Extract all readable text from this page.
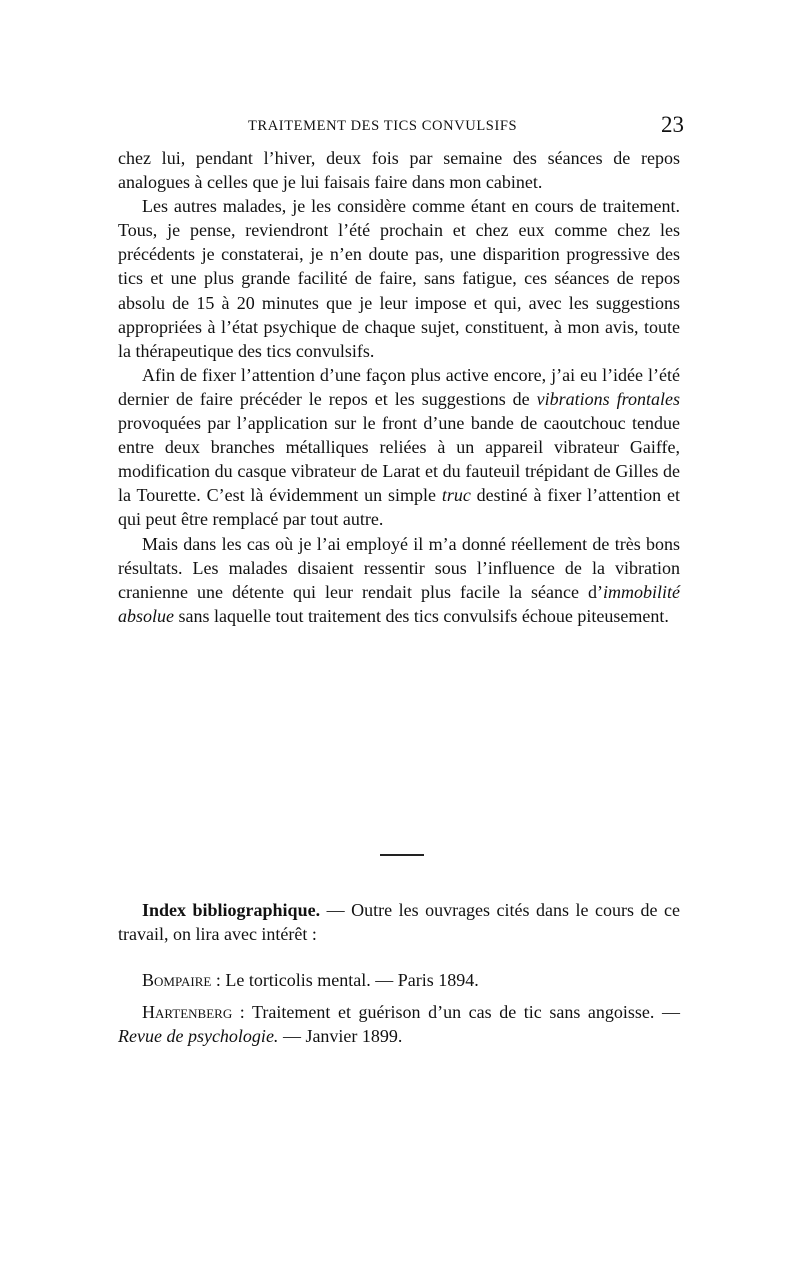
TRAITEMENT DES TICS CONVULSIFS	23

chez lui, pendant l’hiver, deux fois par semaine des séances de repos analogues à celles que je lui faisais faire dans mon cabinet.

Les autres malades, je les considère comme étant en cours de traitement. Tous, je pense, reviendront l’été prochain et chez eux comme chez les précédents je constaterai, je n’en doute pas, une disparition progressive des tics et une plus grande facilité de faire, sans fatigue, ces séances de repos absolu de 15 à 20 minutes que je leur impose et qui, avec les suggestions appropriées à l’état psychique de chaque sujet, constituent, à mon avis, toute la thérapeutique des tics convulsifs.

Afin de fixer l’attention d’une façon plus active encore, j’ai eu l’idée l’été dernier de faire précéder le repos et les suggestions de vibrations frontales provoquées par l’application sur le front d’une bande de caoutchouc tendue entre deux branches métalliques reliées à un appareil vibrateur Gaiffe, modification du casque vibrateur de Larat et du fauteuil trépidant de Gilles de la Tourette. C’est là évidemment un simple truc destiné à fixer l’attention et qui peut être remplacé par tout autre.

Mais dans les cas où je l’ai employé il m’a donné réellement de très bons résultats. Les malades disaient ressentir sous l’influence de la vibration cranienne une détente qui leur rendait plus facile la séance d’immobilité absolue sans laquelle tout traitement des tics convulsifs échoue piteusement.

Index bibliographique. — Outre les ouvrages cités dans le cours de ce travail, on lira avec intérêt :

Bompaire : Le torticolis mental. — Paris 1894.

Hartenberg : Traitement et guérison d’un cas de tic sans angoisse. — Revue de psychologie. — Janvier 1899.
